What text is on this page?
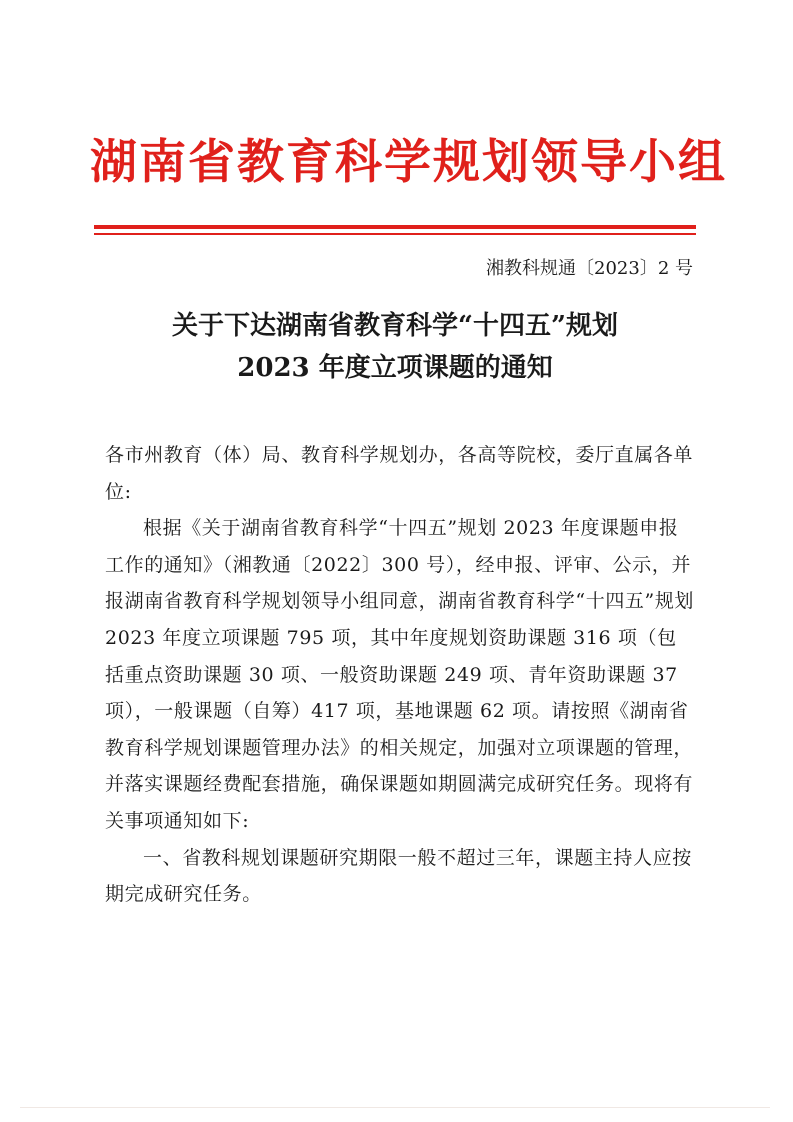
湖南省教育科学规划领导小组
湘教科规通〔2023〕2 号
关于下达湖南省教育科学“十四五”规划
2023 年度立项课题的通知

各市州教育（体）局、教育科学规划办，各高等院校，委厅直属各单位:

根据《关于湖南省教育科学“十四五”规划 2023 年度课题申报工作的通知》（湘教通〔2022〕300 号），经申报、评审、公示，并报湖南省教育科学规划领导小组同意，湖南省教育科学“十四五”规划 2023 年度立项课题 795 项，其中年度规划资助课题 316 项（包括重点资助课题 30 项、一般资助课题 249 项、青年资助课题 37 项），一般课题（自筹）417 项，基地课题 62 项。请按照《湖南省教育科学规划课题管理办法》的相关规定，加强对立项课题的管理，并落实课题经费配套措施，确保课题如期圆满完成研究任务。现将有关事项通知如下:

一、省教科规划课题研究期限一般不超过三年，课题主持人应按期完成研究任务。
